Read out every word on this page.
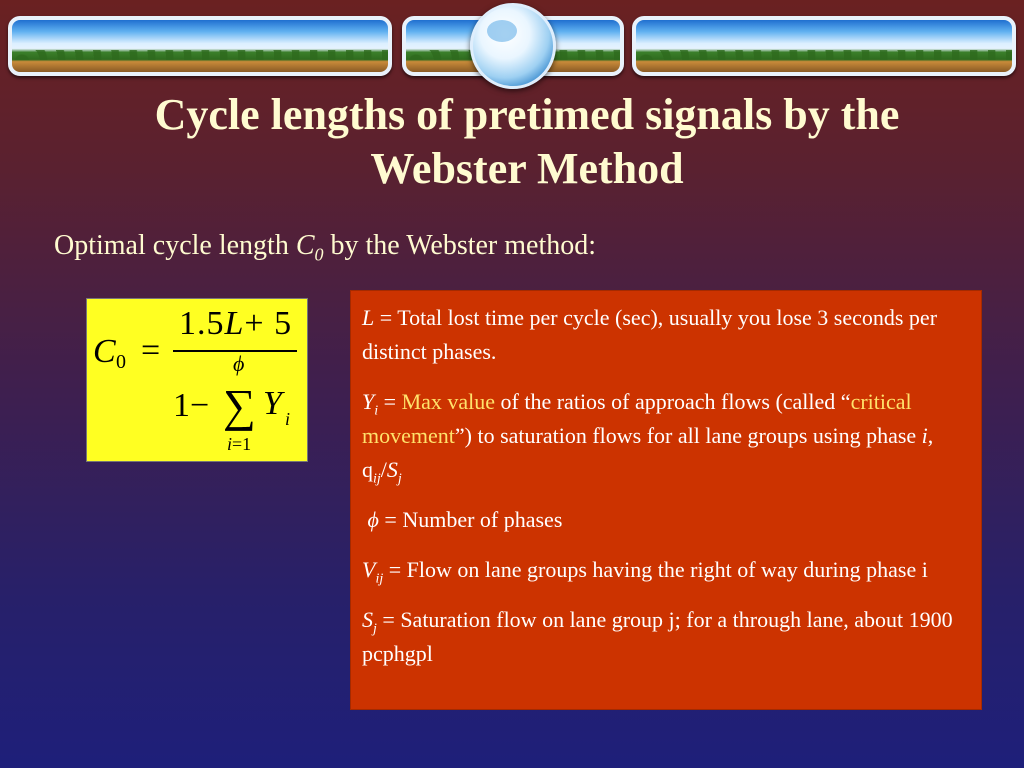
Cycle lengths of pretimed signals by the
Webster Method
Optimal cycle length $C_0$ by the Webster method:
C 0 =
1.5L+ 5
ϕ
1− ∑ Y i
i=1

L = Total lost time per cycle (sec), usually you lose 3 seconds per distinct phases.

$Y_i$ = Max value of the ratios of approach flows (called “critical movement”) to saturation flows for all lane groups using phase i, $q_{ij}/S_j$

ϕ = Number of phases

$V_{ij}$ = Flow on lane groups having the right of way during phase i

$S_j$ = Saturation flow on lane group j; for a through lane, about 1900 pcphgpl
